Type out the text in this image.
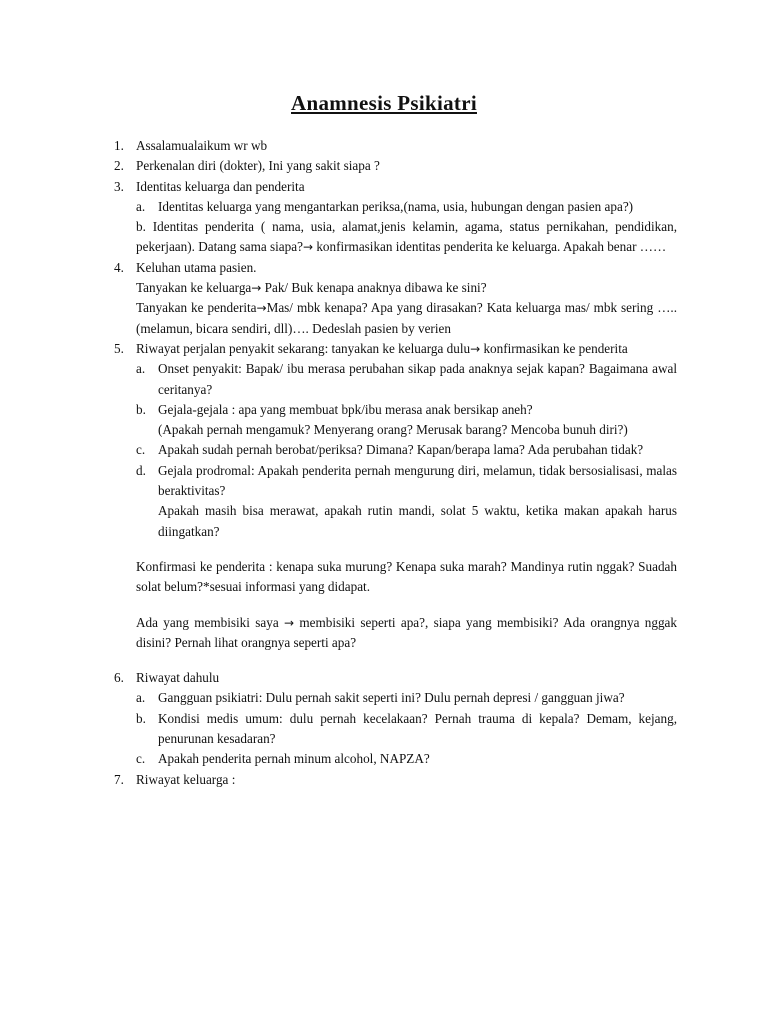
Anamnesis Psikiatri
1. Assalamualaikum wr wb
2. Perkenalan diri (dokter), Ini yang sakit siapa ?
3. Identitas keluarga dan penderita
a. Identitas keluarga yang mengantarkan periksa,(nama, usia, hubungan dengan pasien apa?)
b. Identitas penderita ( nama, usia, alamat,jenis kelamin, agama, status pernikahan, pendidikan, pekerjaan). Datang sama siapa?→ konfirmasikan identitas penderita ke keluarga. Apakah benar ……
4. Keluhan utama pasien.
Tanyakan ke keluarga→ Pak/ Buk kenapa anaknya dibawa ke sini?
Tanyakan ke penderita→Mas/ mbk kenapa? Apa yang dirasakan? Kata keluarga mas/ mbk sering …..(melamun, bicara sendiri, dll)…. Dedeslah pasien by verien
5. Riwayat perjalan penyakit sekarang: tanyakan ke keluarga dulu→ konfirmasikan ke penderita
a. Onset penyakit: Bapak/ ibu merasa perubahan sikap pada anaknya sejak kapan? Bagaimana awal ceritanya?
b. Gejala-gejala : apa yang membuat bpk/ibu merasa anak bersikap aneh?
(Apakah pernah mengamuk? Menyerang orang? Merusak barang? Mencoba bunuh diri?)
c. Apakah sudah pernah berobat/periksa? Dimana? Kapan/berapa lama? Ada perubahan tidak?
d. Gejala prodromal: Apakah penderita pernah mengurung diri, melamun, tidak bersosialisasi, malas beraktivitas?
Apakah masih bisa merawat, apakah rutin mandi, solat 5 waktu, ketika makan apakah harus diingatkan?
Konfirmasi ke penderita : kenapa suka murung? Kenapa suka marah? Mandinya rutin nggak? Suadah solat belum?*sesuai informasi yang didapat.
Ada yang membisiki saya → membisiki seperti apa?, siapa yang membisiki? Ada orangnya nggak disini? Pernah lihat orangnya seperti apa?
6. Riwayat dahulu
a. Gangguan psikiatri: Dulu pernah sakit seperti ini? Dulu pernah depresi / gangguan jiwa?
b. Kondisi medis umum: dulu pernah kecelakaan? Pernah trauma di kepala? Demam, kejang, penurunan kesadaran?
c. Apakah penderita pernah minum alcohol, NAPZA?
7. Riwayat keluarga :
